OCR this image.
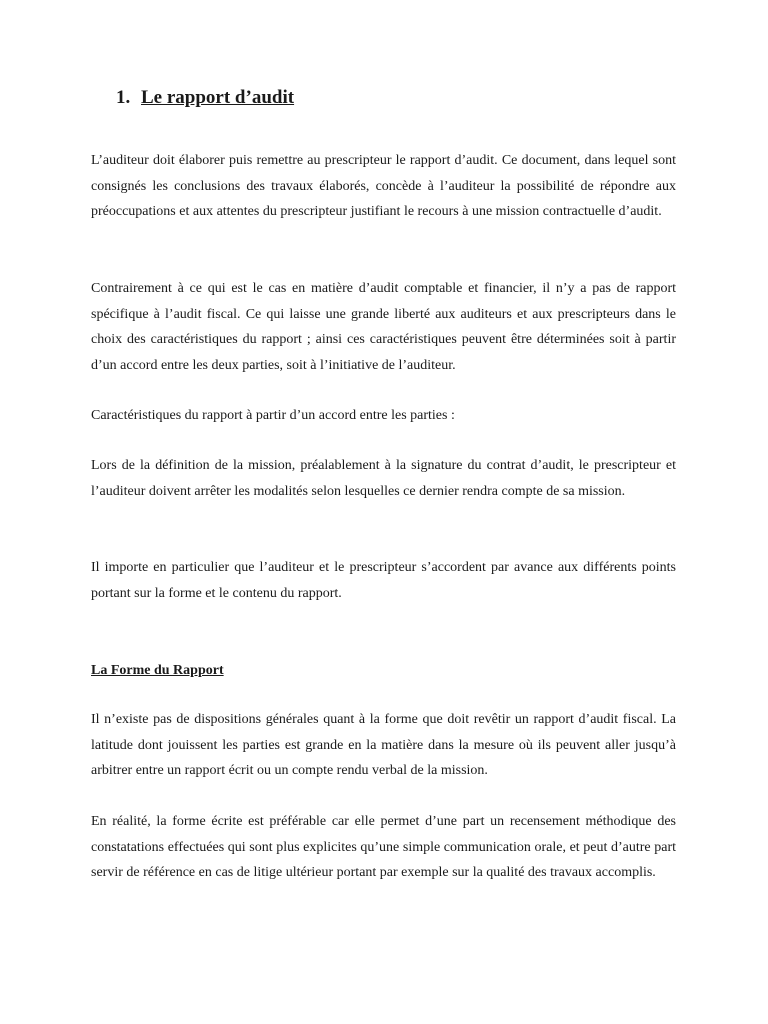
1. Le rapport d’audit

L’auditeur doit élaborer puis remettre au prescripteur le rapport d’audit. Ce document, dans lequel sont consignés les conclusions des travaux élaborés, concède à l’auditeur la possibilité de répondre aux préoccupations et aux attentes du prescripteur justifiant le recours à une mission contractuelle d’audit.

Contrairement à ce qui est le cas en matière d’audit comptable et financier, il n’y a pas de rapport spécifique à l’audit fiscal. Ce qui laisse une grande liberté aux auditeurs et aux prescripteurs dans le choix des caractéristiques du rapport ; ainsi ces caractéristiques peuvent être déterminées soit à partir d’un accord entre les deux parties, soit à l’initiative de l’auditeur.

Caractéristiques du rapport à partir d’un accord entre les parties :

Lors de la définition de la mission, préalablement à la signature du contrat d’audit, le prescripteur et l’auditeur doivent arrêter les modalités selon lesquelles ce dernier rendra compte de sa mission.

Il importe en particulier que l’auditeur et le prescripteur s’accordent par avance aux différents points portant sur la forme et le contenu du rapport.

La Forme du Rapport

Il n’existe pas de dispositions générales quant à la forme que doit revêtir un rapport d’audit fiscal. La latitude dont jouissent les parties est grande en la matière dans la mesure où ils peuvent aller jusqu’à arbitrer entre un rapport écrit ou un compte rendu verbal de la mission.

En réalité, la forme écrite est préférable car elle permet d’une part un recensement méthodique des constatations effectuées qui sont plus explicites qu’une simple communication orale, et peut d’autre part servir de référence en cas de litige ultérieur portant par exemple sur la qualité des travaux accomplis.
